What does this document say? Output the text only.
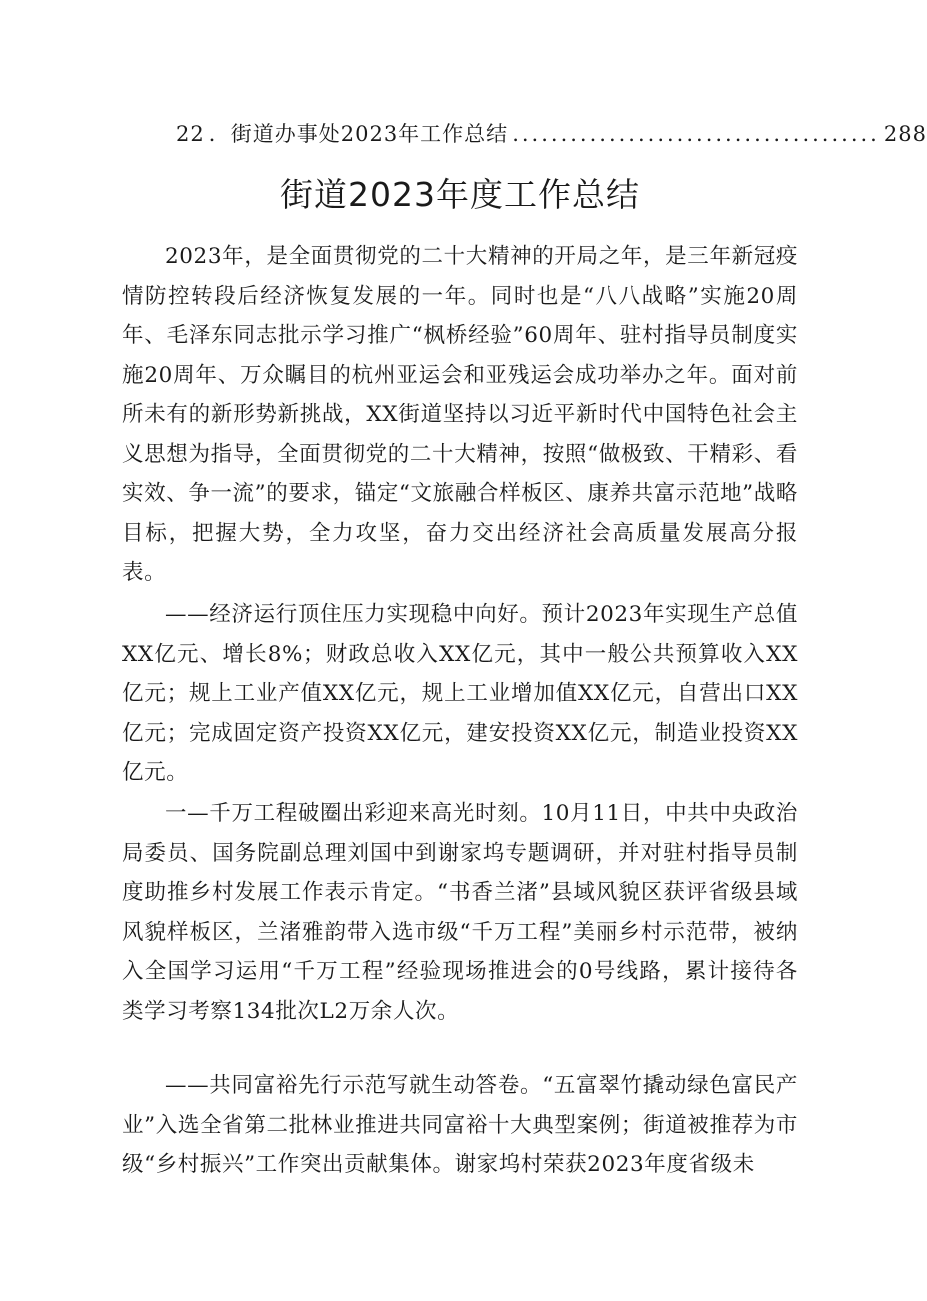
22 ．街道办事处2023年工作总结 ...................................... 288
街道2023年度工作总结

2023年，是全面贯彻党的二十大精神的开局之年，是三年新冠疫情防控转段后经济恢复发展的一年。同时也是“八八战略”实施20周年、毛泽东同志批示学习推广“枫桥经验”60周年、驻村指导员制度实施20周年、万众瞩目的杭州亚运会和亚残运会成功举办之年。面对前所未有的新形势新挑战，XX街道坚持以习近平新时代中国特色社会主义思想为指导，全面贯彻党的二十大精神，按照“做极致、干精彩、看实效、争一流”的要求，锚定“文旅融合样板区、康养共富示范地”战略目标，把握大势，全力攻坚，奋力交出经济社会高质量发展高分报表。

——经济运行顶住压力实现稳中向好。预计2023年实现生产总值XX亿元、增长8%；财政总收入XX亿元，其中一般公共预算收入XX亿元；规上工业产值XX亿元，规上工业增加值XX亿元，自营出口XX亿元；完成固定资产投资XX亿元，建安投资XX亿元，制造业投资XX亿元。

一—千万工程破圈出彩迎来高光时刻。10月11日，中共中央政治局委员、国务院副总理刘国中到谢家坞专题调研，并对驻村指导员制度助推乡村发展工作表示肯定。“书香兰渚”县域风貌区获评省级县域风貌样板区，兰渚雅韵带入选市级“千万工程”美丽乡村示范带，被纳入全国学习运用“千万工程”经验现场推进会的0号线路，累计接待各类学习考察134批次L2万余人次。

——共同富裕先行示范写就生动答卷。“五富翠竹撬动绿色富民产业”入选全省第二批林业推进共同富裕十大典型案例；街道被推荐为市级“乡村振兴”工作突出贡献集体。谢家坞村荣获2023年度省级未
